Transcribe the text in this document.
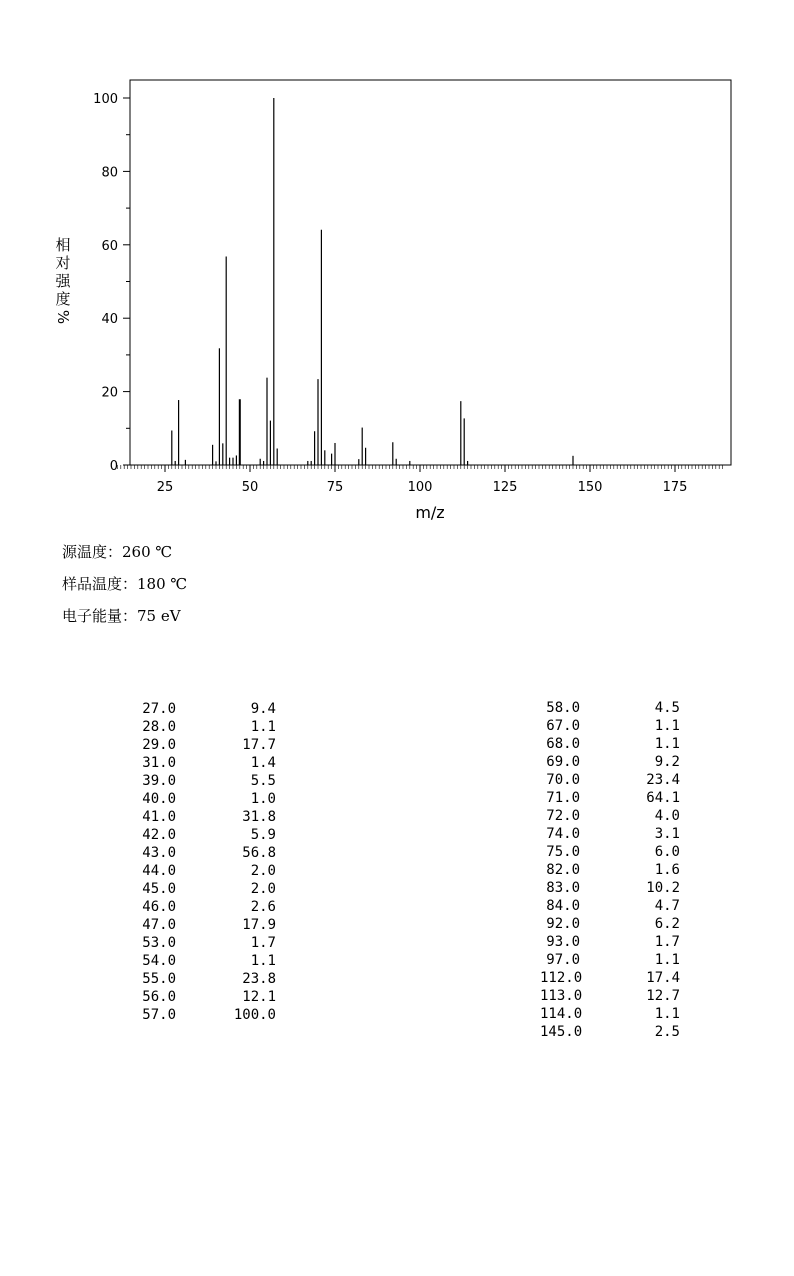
25	50	75	100	125	150	175
0
20
40
60
80
100
m/z
相
对
强
度
%
源温度：260 ℃
样品温度：180 ℃
电子能量：75 eV
27.0	9.4
28.0	1.1
29.0	17.7
31.0	1.4
39.0	5.5
40.0	1.0
41.0	31.8
42.0	5.9
43.0	56.8
44.0	2.0
45.0	2.0
46.0	2.6
47.0	17.9
53.0	1.7
54.0	1.1
55.0	23.8
56.0	12.1
57.0	100.0
58.0	4.5
67.0	1.1
68.0	1.1
69.0	9.2
70.0	23.4
71.0	64.1
72.0	4.0
74.0	3.1
75.0	6.0
82.0	1.6
83.0	10.2
84.0	4.7
92.0	6.2
93.0	1.7
97.0	1.1
112.0	17.4
113.0	12.7
114.0	1.1
145.0	2.5
